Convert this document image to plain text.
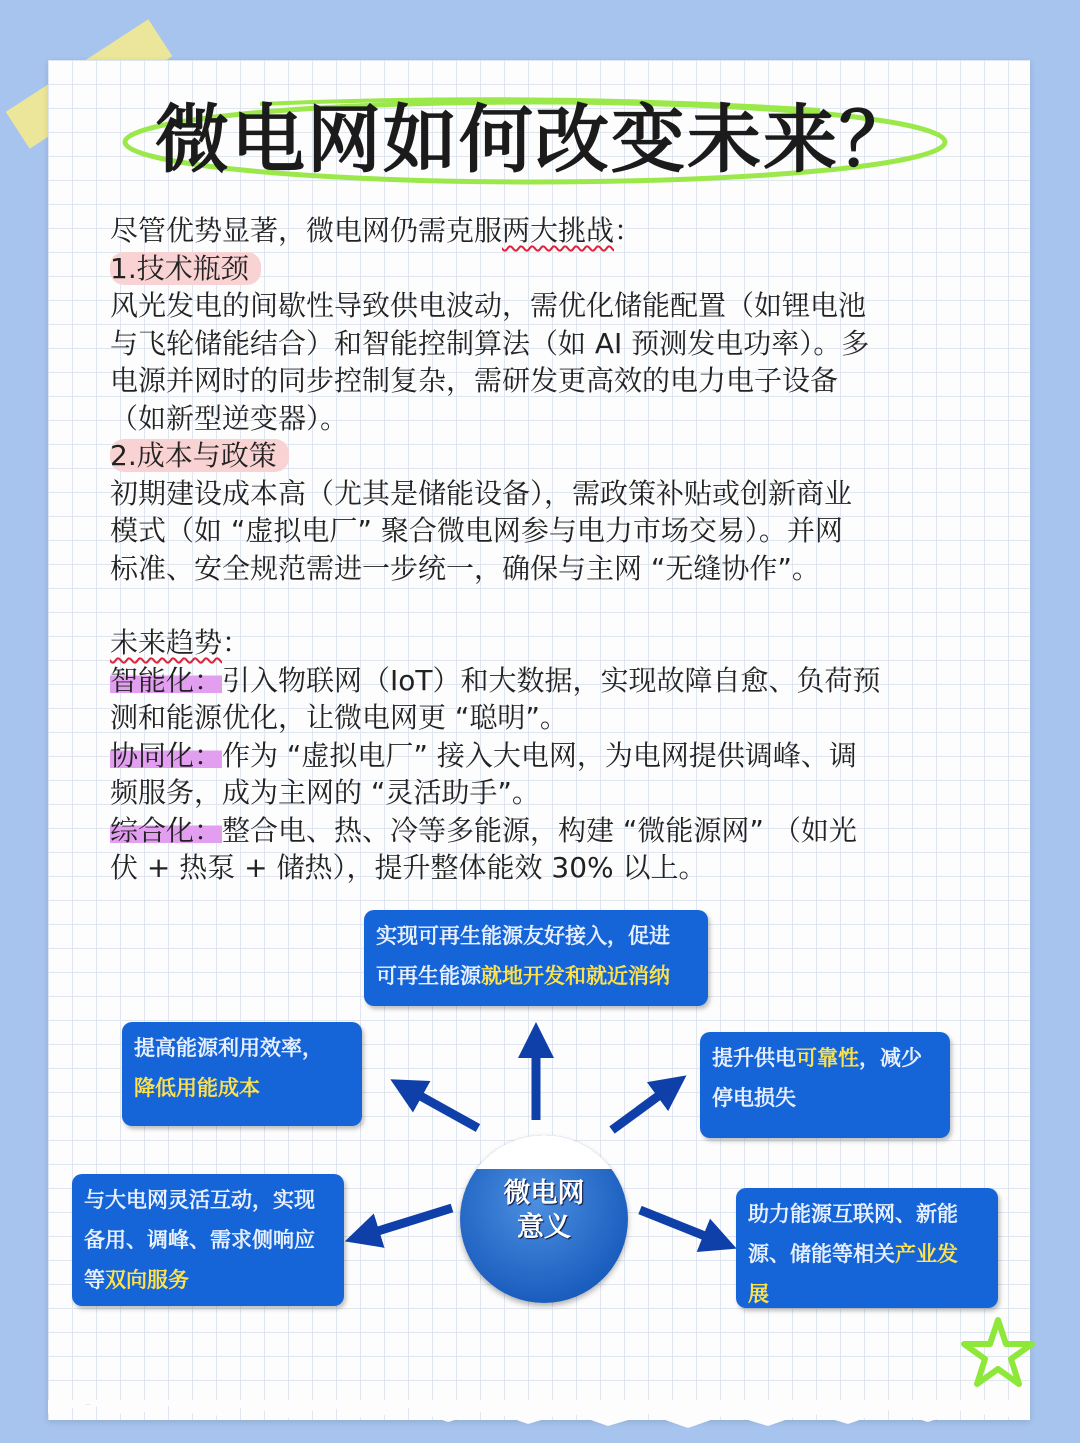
微电网如何改变未来？

尽管优势显著，微电网仍需克服两大挑战：

1.技术瓶颈

风光发电的间歇性导致供电波动，需优化储能配置（如锂电池

与飞轮储能结合）和智能控制算法（如 AI 预测发电功率）。多

电源并网时的同步控制复杂，需研发更高效的电力电子设备

（如新型逆变器）。

2.成本与政策

初期建设成本高（尤其是储能设备），需政策补贴或创新商业

模式（如 “虚拟电厂” 聚合微电网参与电力市场交易）。并网

标准、安全规范需进一步统一，确保与主网 “无缝协作”。

未来趋势：

智能化：引入物联网（IoT）和大数据，实现故障自愈、负荷预

测和能源优化，让微电网更 “聪明”。

协同化：作为 “虚拟电厂” 接入大电网，为电网提供调峰、调

频服务，成为主网的 “灵活助手”。

综合化：整合电、热、冷等多能源，构建 “微能源网” （如光

伏 + 热泵 + 储热），提升整体能效 30% 以上。

实现可再生能源友好接入，促进
可再生能源就地开发和就近消纳
提高能源利用效率，
降低用能成本
提升供电可靠性，减少
停电损失
与大电网灵活互动，实现
备用、调峰、需求侧响应
等双向服务
助力能源互联网、新能
源、储能等相关产业发
展
微电网
意义
